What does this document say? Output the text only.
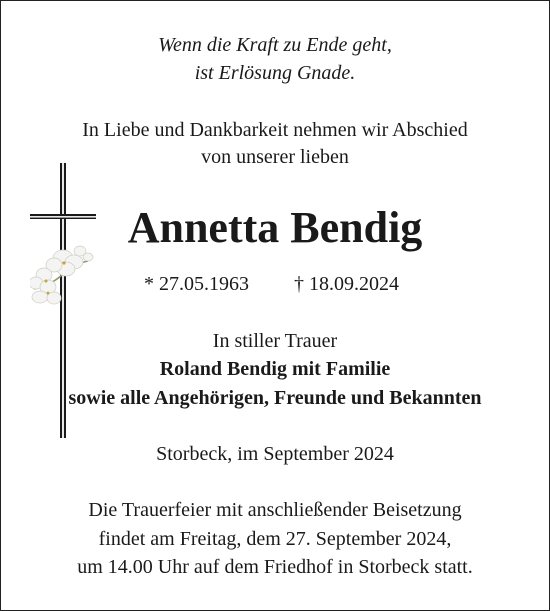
Wenn die Kraft zu Ende geht,
ist Erlösung Gnade.
In Liebe und Dankbarkeit nehmen wir Abschied
von unserer lieben
Annetta Bendig
* 27.05.1963 † 18.09.2024
In stiller Trauer
Roland Bendig mit Familie
sowie alle Angehörigen, Freunde und Bekannten
Storbeck, im September 2024
Die Trauerfeier mit anschließender Beisetzung
findet am Freitag, dem 27. September 2024,
um 14.00 Uhr auf dem Friedhof in Storbeck statt.
